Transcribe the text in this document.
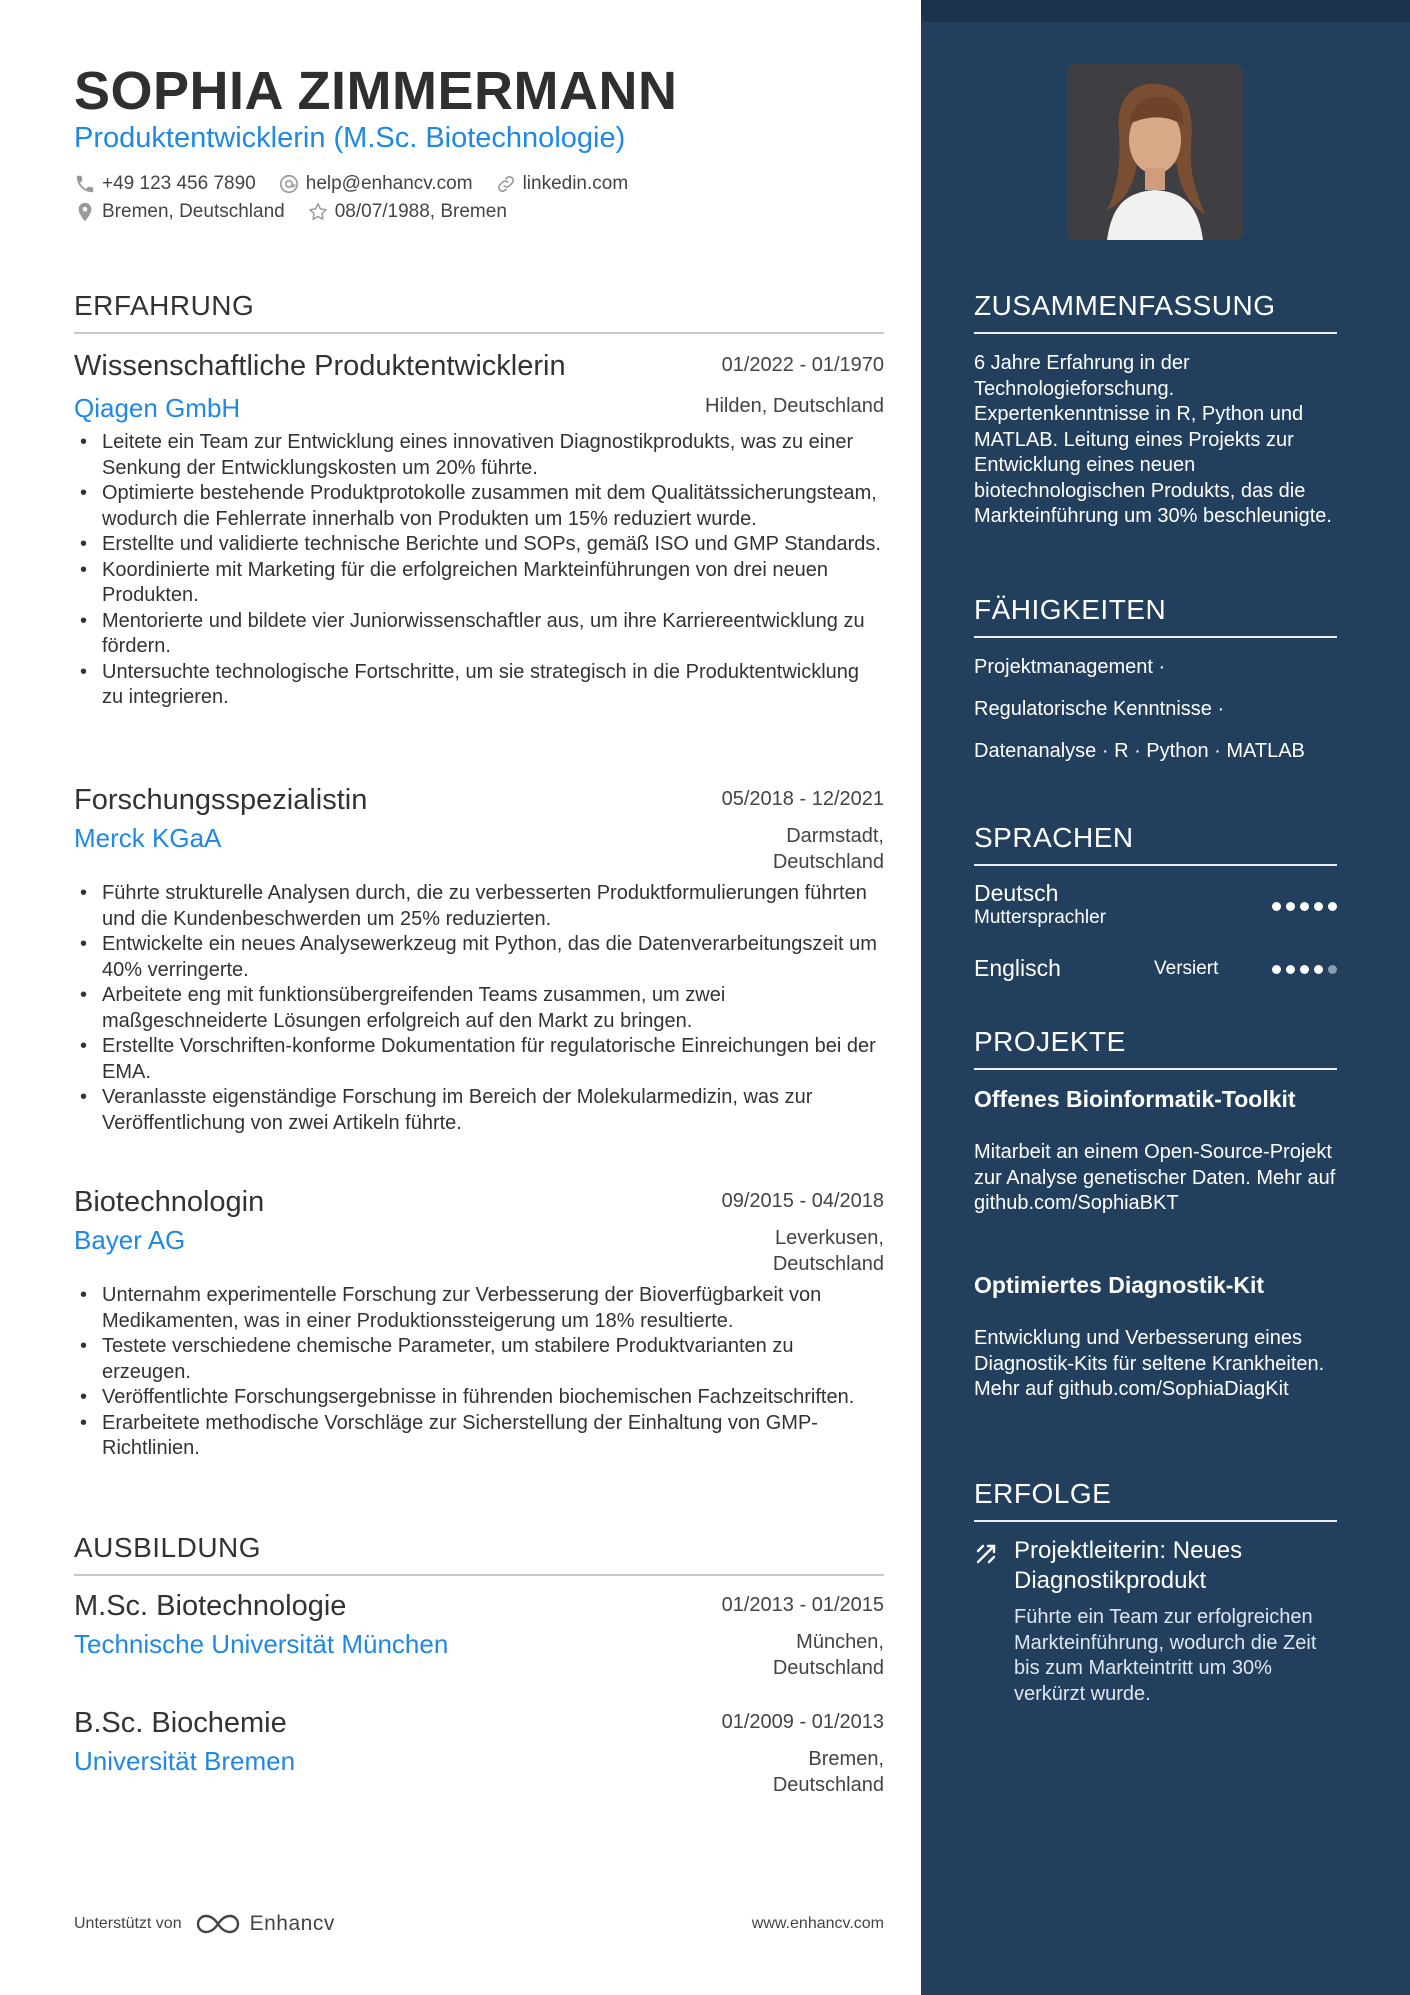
SOPHIA ZIMMERMANN
Produktentwicklerin (M.Sc. Biotechnologie)
+49 123 456 7890	help@enhancv.com	linkedin.com
Bremen, Deutschland	08/07/1988, Bremen
ERFAHRUNG
Wissenschaftliche Produktentwicklerin	01/2022 - 01/1970
Qiagen GmbH	Hilden, Deutschland
• Leitete ein Team zur Entwicklung eines innovativen Diagnostikprodukts, was zu einer Senkung der Entwicklungskosten um 20% führte.
• Optimierte bestehende Produktprotokolle zusammen mit dem Qualitätssicherungsteam, wodurch die Fehlerrate innerhalb von Produkten um 15% reduziert wurde.
• Erstellte und validierte technische Berichte und SOPs, gemäß ISO und GMP Standards.
• Koordinierte mit Marketing für die erfolgreichen Markteinführungen von drei neuen Produkten.
• Mentorierte und bildete vier Juniorwissenschaftler aus, um ihre Karriereentwicklung zu fördern.
• Untersuchte technologische Fortschritte, um sie strategisch in die Produktentwicklung zu integrieren.
Forschungsspezialistin	05/2018 - 12/2021
Merck KGaA	Darmstadt,
Deutschland
• Führte strukturelle Analysen durch, die zu verbesserten Produktformulierungen führten und die Kundenbeschwerden um 25% reduzierten.
• Entwickelte ein neues Analysewerkzeug mit Python, das die Datenverarbeitungszeit um 40% verringerte.
• Arbeitete eng mit funktionsübergreifenden Teams zusammen, um zwei maßgeschneiderte Lösungen erfolgreich auf den Markt zu bringen.
• Erstellte Vorschriften-konforme Dokumentation für regulatorische Einreichungen bei der EMA.
• Veranlasste eigenständige Forschung im Bereich der Molekularmedizin, was zur Veröffentlichung von zwei Artikeln führte.
Biotechnologin	09/2015 - 04/2018
Bayer AG	Leverkusen,
Deutschland
• Unternahm experimentelle Forschung zur Verbesserung der Bioverfügbarkeit von Medikamenten, was in einer Produktionssteigerung um 18% resultierte.
• Testete verschiedene chemische Parameter, um stabilere Produktvarianten zu erzeugen.
• Veröffentlichte Forschungsergebnisse in führenden biochemischen Fachzeitschriften.
• Erarbeitete methodische Vorschläge zur Sicherstellung der Einhaltung von GMP-Richtlinien.
AUSBILDUNG
M.Sc. Biotechnologie	01/2013 - 01/2015
Technische Universität München	München,
Deutschland
B.Sc. Biochemie	01/2009 - 01/2013
Universität Bremen	Bremen,
Deutschland
Unterstützt von	Enhancv	www.enhancv.com
ZUSAMMENFASSUNG
6 Jahre Erfahrung in der Technologieforschung. Expertenkenntnisse in R, Python und MATLAB. Leitung eines Projekts zur Entwicklung eines neuen biotechnologischen Produkts, das die Markteinführung um 30% beschleunigte.
FÄHIGKEITEN
Projektmanagement ·
Regulatorische Kenntnisse ·
Datenanalyse · R · Python · MATLAB
SPRACHEN
Deutsch
Muttersprachler
Englisch	Versiert
PROJEKTE
Offenes Bioinformatik-Toolkit
Mitarbeit an einem Open-Source-Projekt zur Analyse genetischer Daten. Mehr auf github.com/SophiaBKT
Optimiertes Diagnostik-Kit
Entwicklung und Verbesserung eines Diagnostik-Kits für seltene Krankheiten. Mehr auf github.com/SophiaDiagKit
ERFOLGE
Projektleiterin: Neues Diagnostikprodukt
Führte ein Team zur erfolgreichen Markteinführung, wodurch die Zeit bis zum Markteintritt um 30% verkürzt wurde.
